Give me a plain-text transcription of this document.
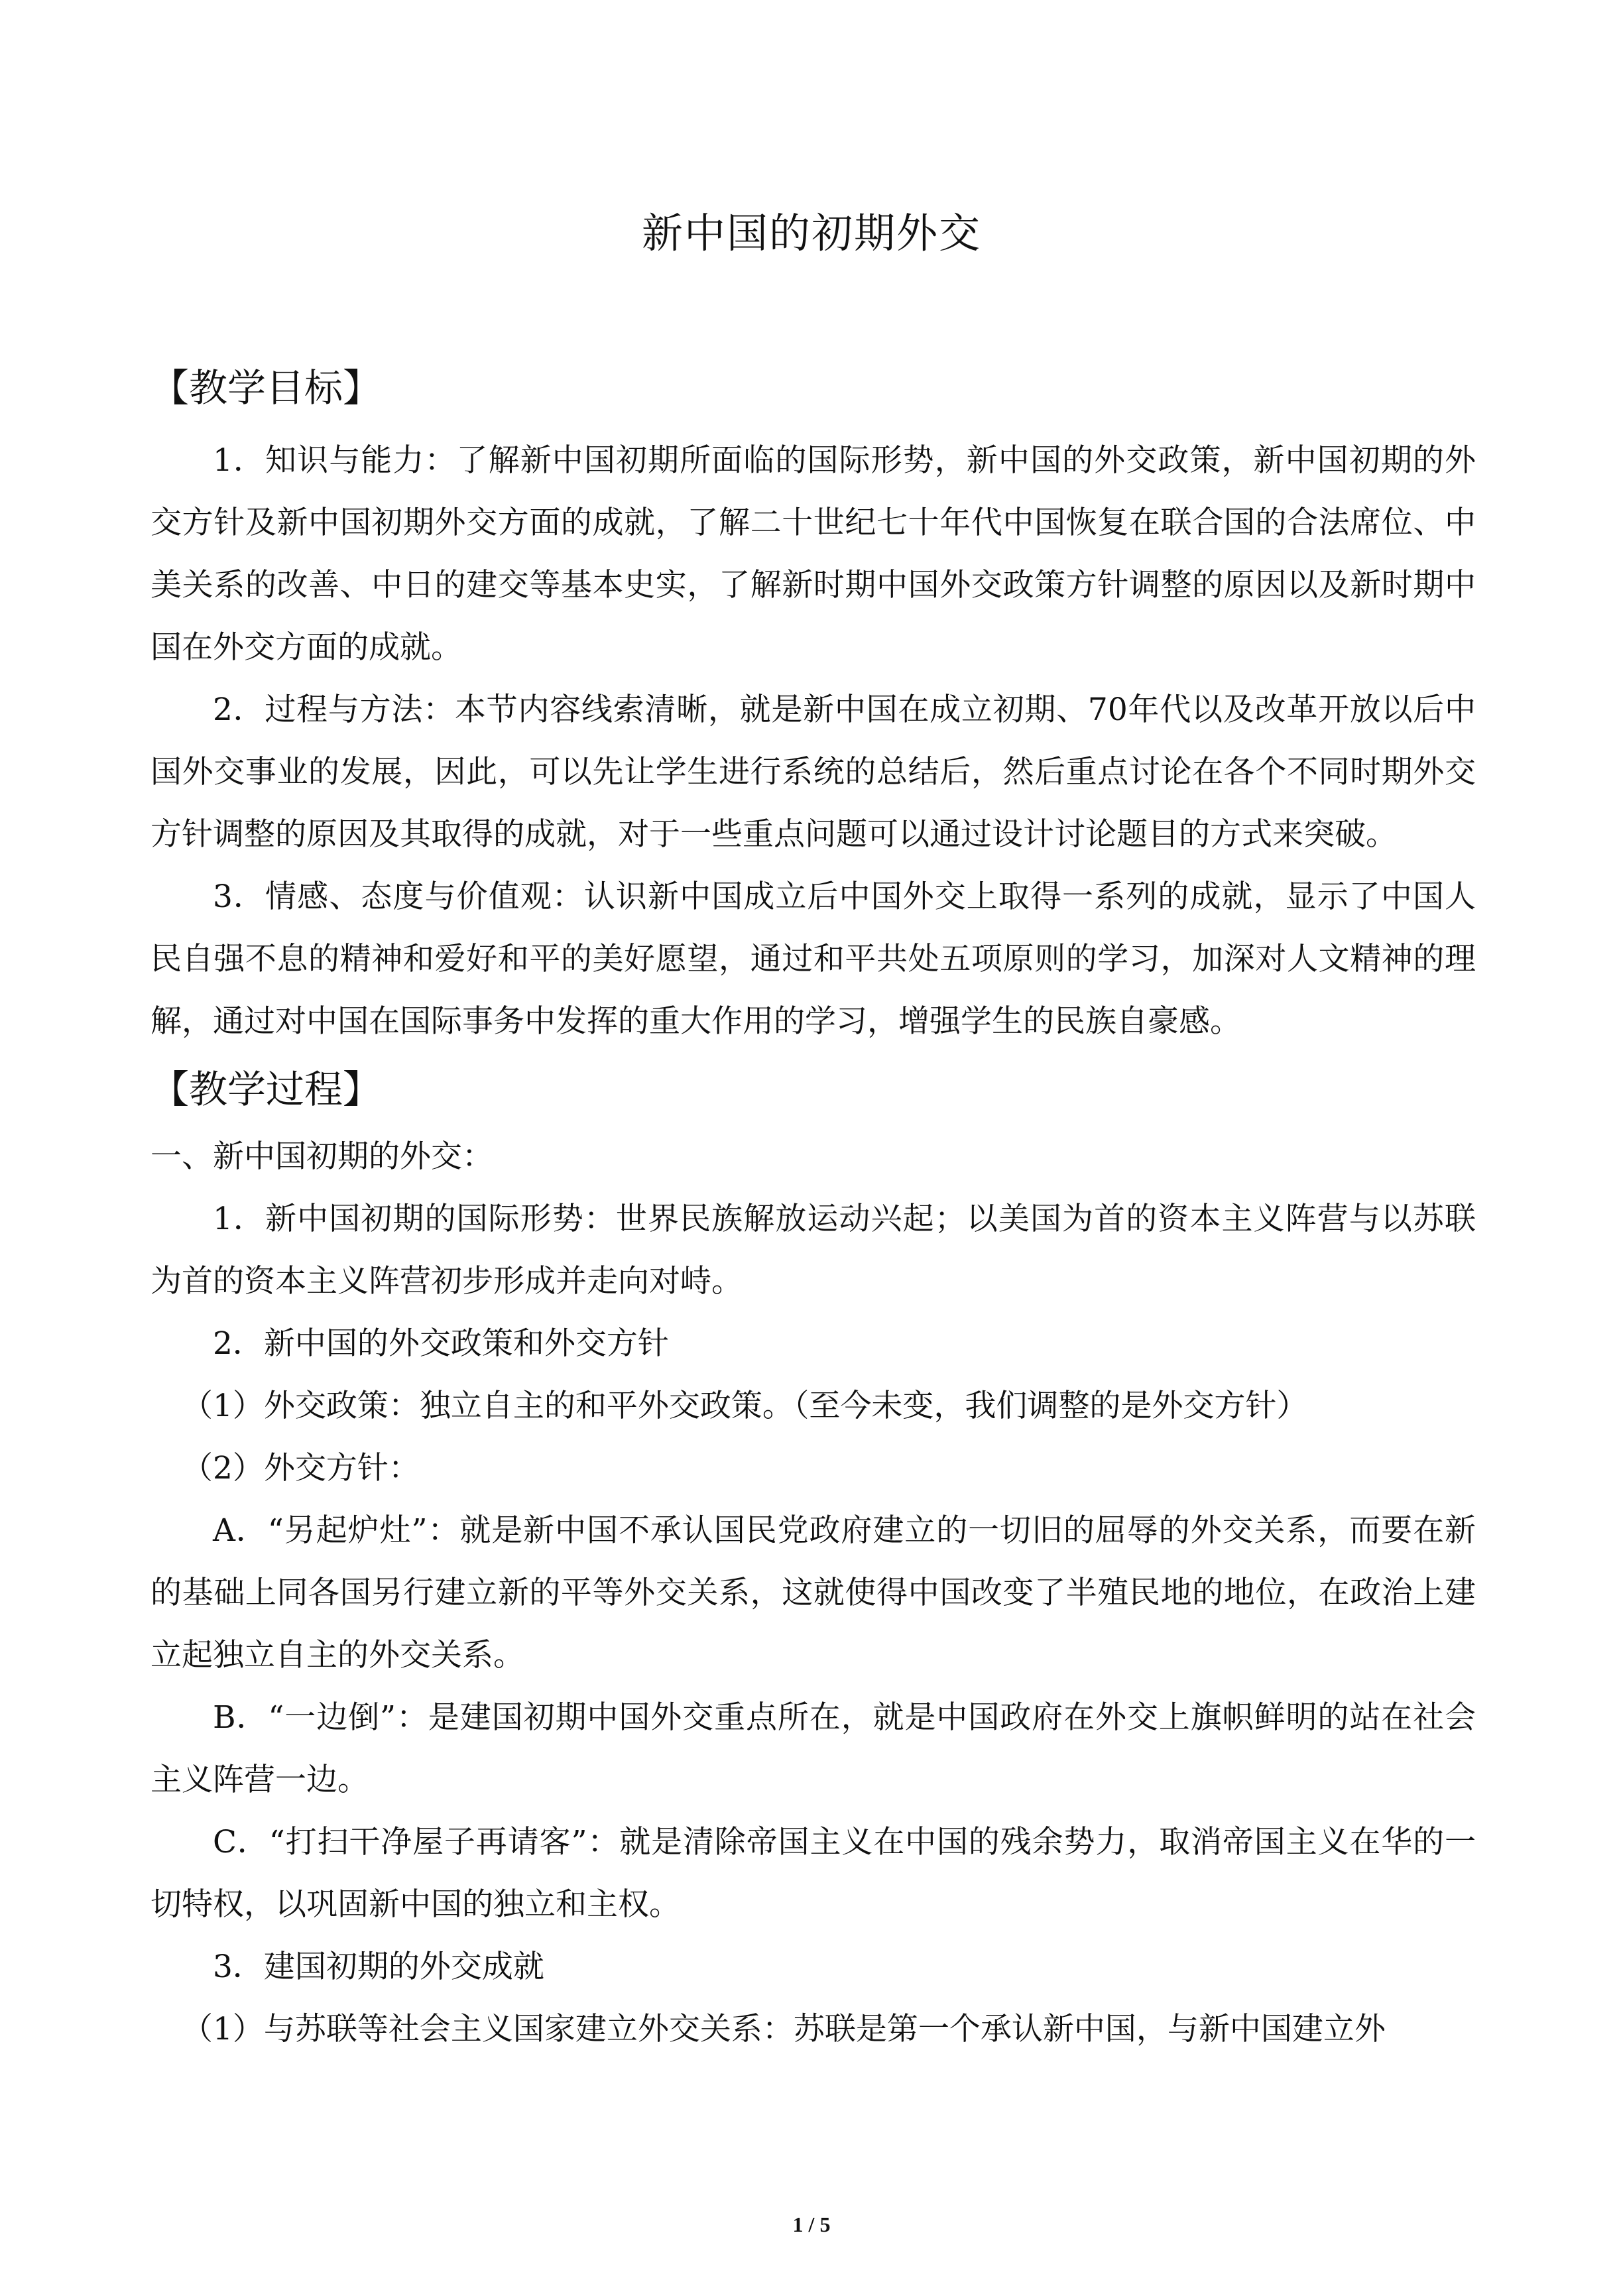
新中国的初期外交
【教学目标】

1．知识与能力：了解新中国初期所面临的国际形势，新中国的外交政策，新中国初期的外交方针及新中国初期外交方面的成就，了解二十世纪七十年代中国恢复在联合国的合法席位、中美关系的改善、中日的建交等基本史实，了解新时期中国外交政策方针调整的原因以及新时期中国在外交方面的成就。

2．过程与方法：本节内容线索清晰，就是新中国在成立初期、70年代以及改革开放以后中国外交事业的发展，因此，可以先让学生进行系统的总结后，然后重点讨论在各个不同时期外交方针调整的原因及其取得的成就，对于一些重点问题可以通过设计讨论题目的方式来突破。

3．情感、态度与价值观：认识新中国成立后中国外交上取得一系列的成就，显示了中国人民自强不息的精神和爱好和平的美好愿望，通过和平共处五项原则的学习，加深对人文精神的理解，通过对中国在国际事务中发挥的重大作用的学习，增强学生的民族自豪感。

【教学过程】

一、新中国初期的外交：

1．新中国初期的国际形势：世界民族解放运动兴起；以美国为首的资本主义阵营与以苏联为首的资本主义阵营初步形成并走向对峙。

2．新中国的外交政策和外交方针

（1）外交政策：独立自主的和平外交政策。（至今未变，我们调整的是外交方针）

（2）外交方针：

A．“另起炉灶”：就是新中国不承认国民党政府建立的一切旧的屈辱的外交关系，而要在新的基础上同各国另行建立新的平等外交关系，这就使得中国改变了半殖民地的地位，在政治上建立起独立自主的外交关系。

B．“一边倒”：是建国初期中国外交重点所在，就是中国政府在外交上旗帜鲜明的站在社会主义阵营一边。

C．“打扫干净屋子再请客”：就是清除帝国主义在中国的残余势力，取消帝国主义在华的一切特权，以巩固新中国的独立和主权。

3．建国初期的外交成就

（1）与苏联等社会主义国家建立外交关系：苏联是第一个承认新中国，与新中国建立外

1 / 5
